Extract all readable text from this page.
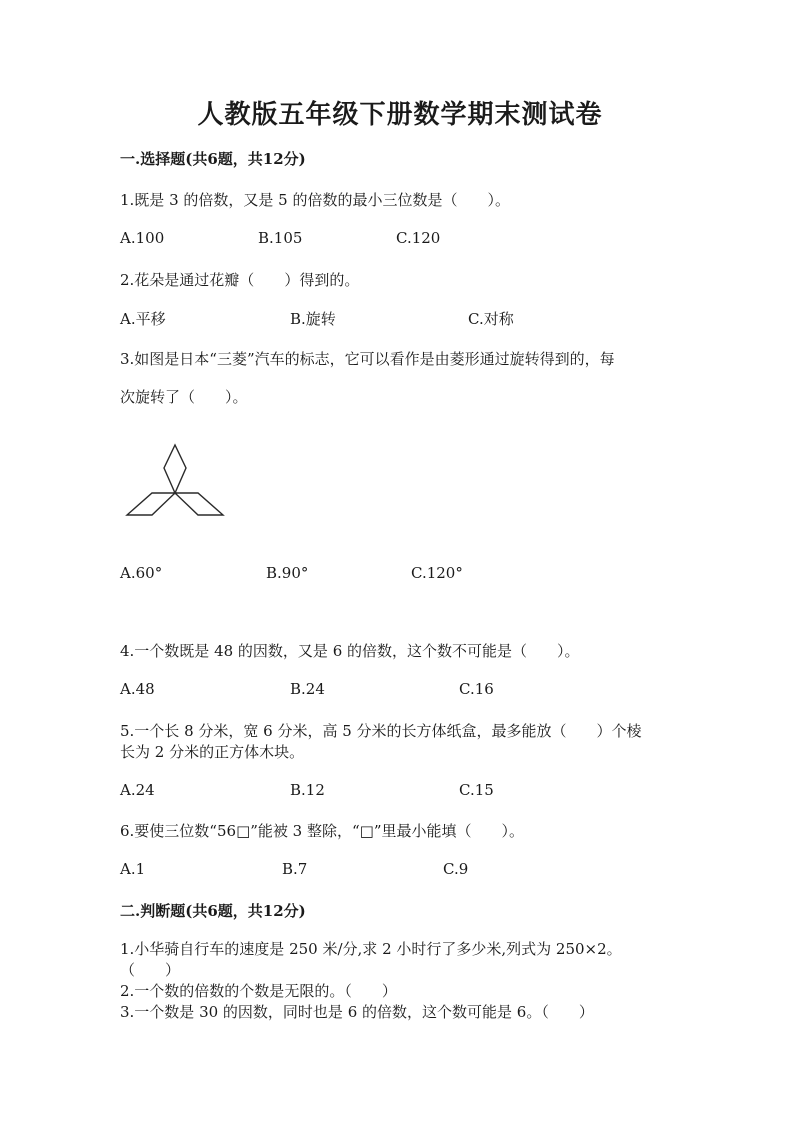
人教版五年级下册数学期末测试卷
一.选择题(共6题，共12分)
1.既是 3 的倍数，又是 5 的倍数的最小三位数是（　　）。
A.100	B.105	C.120
2.花朵是通过花瓣（　　）得到的。
A.平移	B.旋转	C.对称
3.如图是日本“三菱”汽车的标志，它可以看作是由菱形通过旋转得到的，每
次旋转了（　　）。
A.60°	B.90°	C.120°
4.一个数既是 48 的因数，又是 6 的倍数，这个数不可能是（　　）。
A.48	B.24	C.16
5.一个长 8 分米，宽 6 分米，高 5 分米的长方体纸盒，最多能放（　　）个棱
长为 2 分米的正方体木块。
A.24	B.12	C.15
6.要使三位数“56□”能被 3 整除，“□”里最小能填（　　）。
A.1	B.7	C.9
二.判断题(共6题，共12分)
1.小华骑自行车的速度是 250 米/分,求 2 小时行了多少米,列式为 250×2。
（　　）
2.一个数的倍数的个数是无限的。（　　）
3.一个数是 30 的因数，同时也是 6 的倍数，这个数可能是 6。（　　）
